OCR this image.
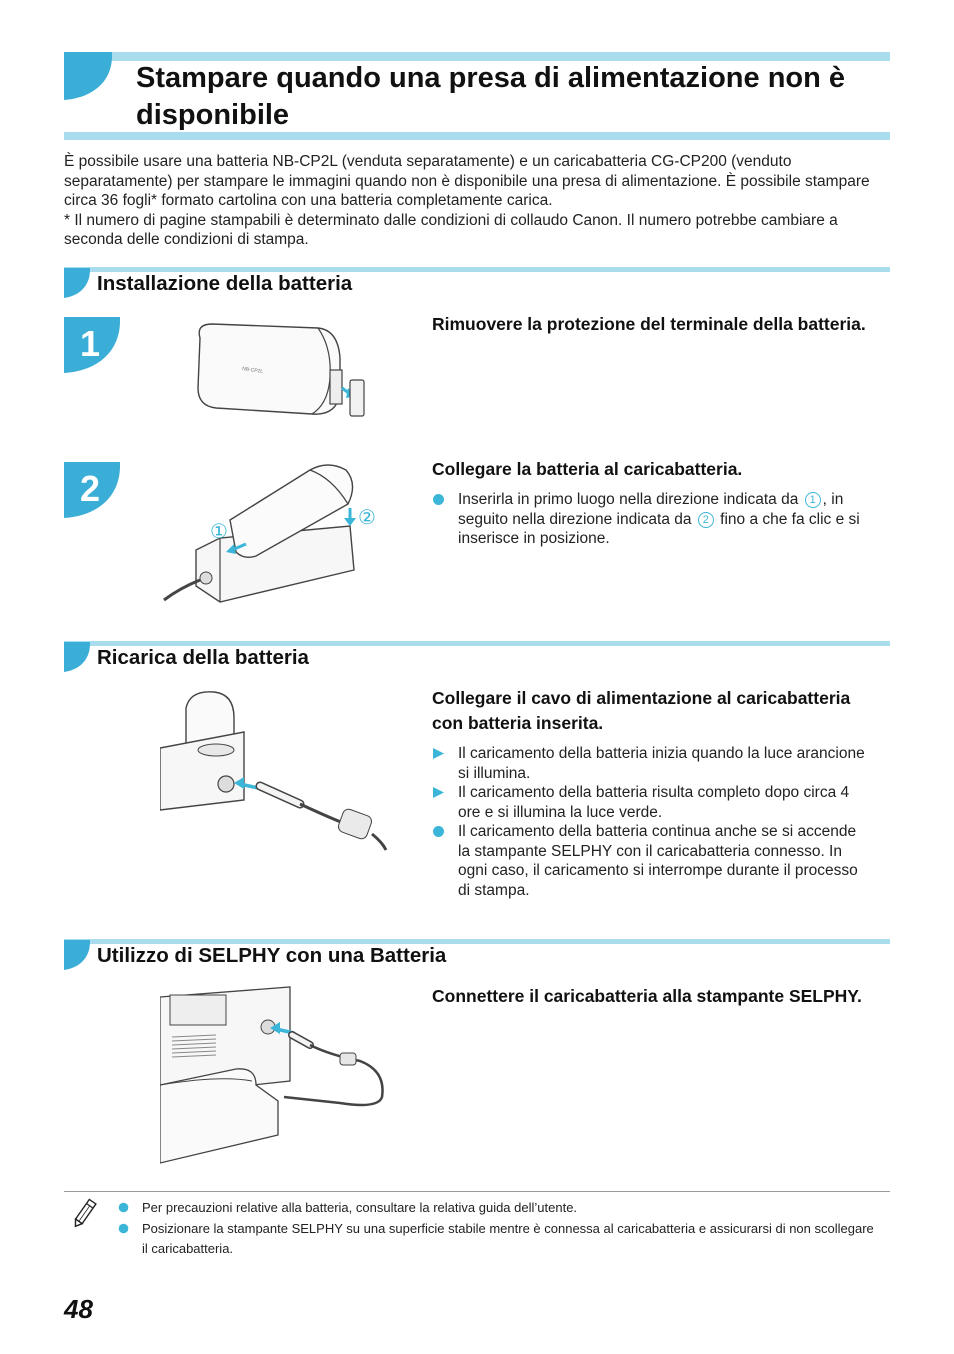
Stampare quando una presa di alimentazione non è disponibile

È possibile usare una batteria NB-CP2L (venduta separatamente) e un caricabatteria CG-CP200 (venduto separatamente) per stampare le immagini quando non è disponibile una presa di alimentazione. È possibile stampare circa 36 fogli* formato cartolina con una batteria completamente carica.

* Il numero di pagine stampabili è determinato dalle condizioni di collaudo Canon. Il numero potrebbe cambiare a seconda delle condizioni di stampa.

Installazione della batteria
1
NB-CP2L
Rimuovere la protezione del terminale della batteria.
2
①
②
Collegare la batteria al caricabatteria.
Inserirla in primo luogo nella direzione indicata da 1 , in seguito nella direzione indicata da 2 fino a che fa clic e si inserisce in posizione.
Ricarica della batteria
Collegare il cavo di alimentazione al caricabatteria con batteria inserita.
Il caricamento della batteria inizia quando la luce arancione si illumina.
Il caricamento della batteria risulta completo dopo circa 4 ore e si illumina la luce verde.
Il caricamento della batteria continua anche se si accende la stampante SELPHY con il caricabatteria connesso. In ogni caso, il caricamento si interrompe durante il processo di stampa.
Utilizzo di SELPHY con una Batteria
Connettere il caricabatteria alla stampante SELPHY.
Per precauzioni relative alla batteria, consultare la relativa guida dell’utente.
Posizionare la stampante SELPHY su una superficie stabile mentre è connessa al caricabatteria e assicurarsi di non scollegare il caricabatteria.
48
